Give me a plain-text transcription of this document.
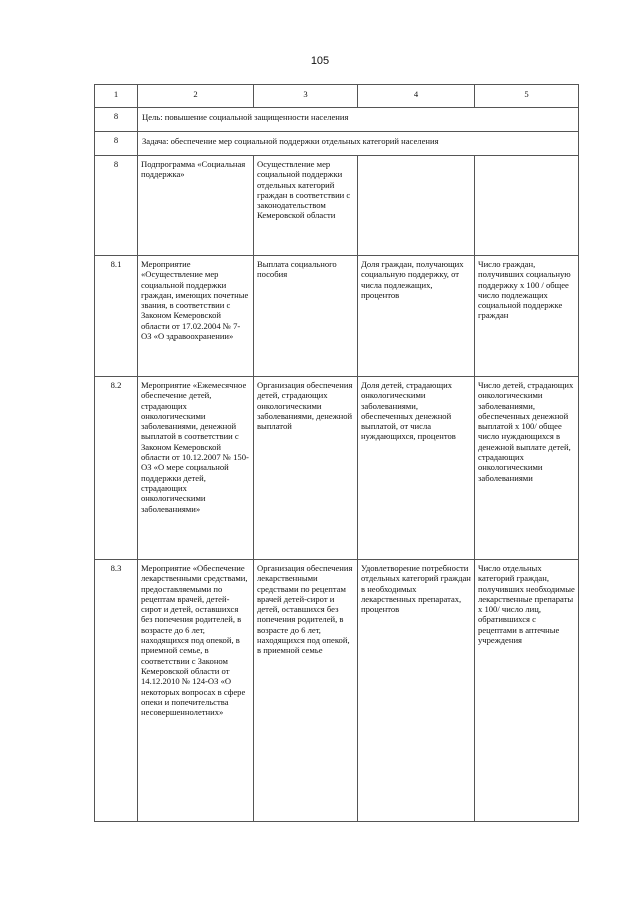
105
1	2	3	4	5
8	Цель: повышение социальной защищенности населения			
8	Задача: обеспечение мер социальной поддержки отдельных категорий населения			
8	Подпрограмма «Социальная поддержка»	Осуществление мер социальной поддержки отдельных категорий граждан в соответствии с законодательством Кемеровской области		
8.1	Мероприятие «Осуществление мер социальной поддержки граждан, имеющих почетные звания, в соответствии с Законом Кемеровской области от 17.02.2004 № 7-ОЗ «О здравоохранении»	Выплата социального пособия	Доля граждан, получающих социальную поддержку, от числа подлежащих, процентов	Число граждан, получивших социальную поддержку х 100 / общее число подлежащих социальной поддержке граждан
8.2	Мероприятие «Ежемесячное обеспечение детей, страдающих онкологическими заболеваниями, денежной выплатой в соответствии с Законом Кемеровской области от 10.12.2007 № 150-ОЗ «О мере социальной поддержки детей, страдающих онкологическими заболеваниями»	Организация обеспечения детей, страдающих онкологическими заболеваниями, денежной выплатой	Доля детей, страдающих онкологическими заболеваниями, обеспеченных денежной выплатой, от числа нуждающихся, процентов	Число детей, страдающих онкологическими заболеваниями, обеспеченных денежной выплатой х 100/ общее число нуждающихся в денежной выплате детей, страдающих онкологическими заболеваниями
8.3	Мероприятие «Обеспечение лекарственными средствами, предоставляемыми по рецептам врачей, детей-сирот и детей, оставшихся без попечения родителей, в возрасте до 6 лет, находящихся под опекой, в приемной семье, в соответствии с Законом Кемеровской области от 14.12.2010 № 124-ОЗ «О некоторых вопросах в сфере опеки и попечительства несовершеннолетних»	Организация обеспечения лекарственными средствами по рецептам врачей детей-сирот и детей, оставшихся без попечения родителей, в возрасте до 6 лет, находящихся под опекой, в приемной семье	Удовлетворение потребности отдельных категорий граждан в необходимых лекарственных препаратах, процентов	Число отдельных категорий граждан, получивших необходимые лекарственные препараты х 100/ число лиц, обратившихся с рецептами в аптечные учреждения
